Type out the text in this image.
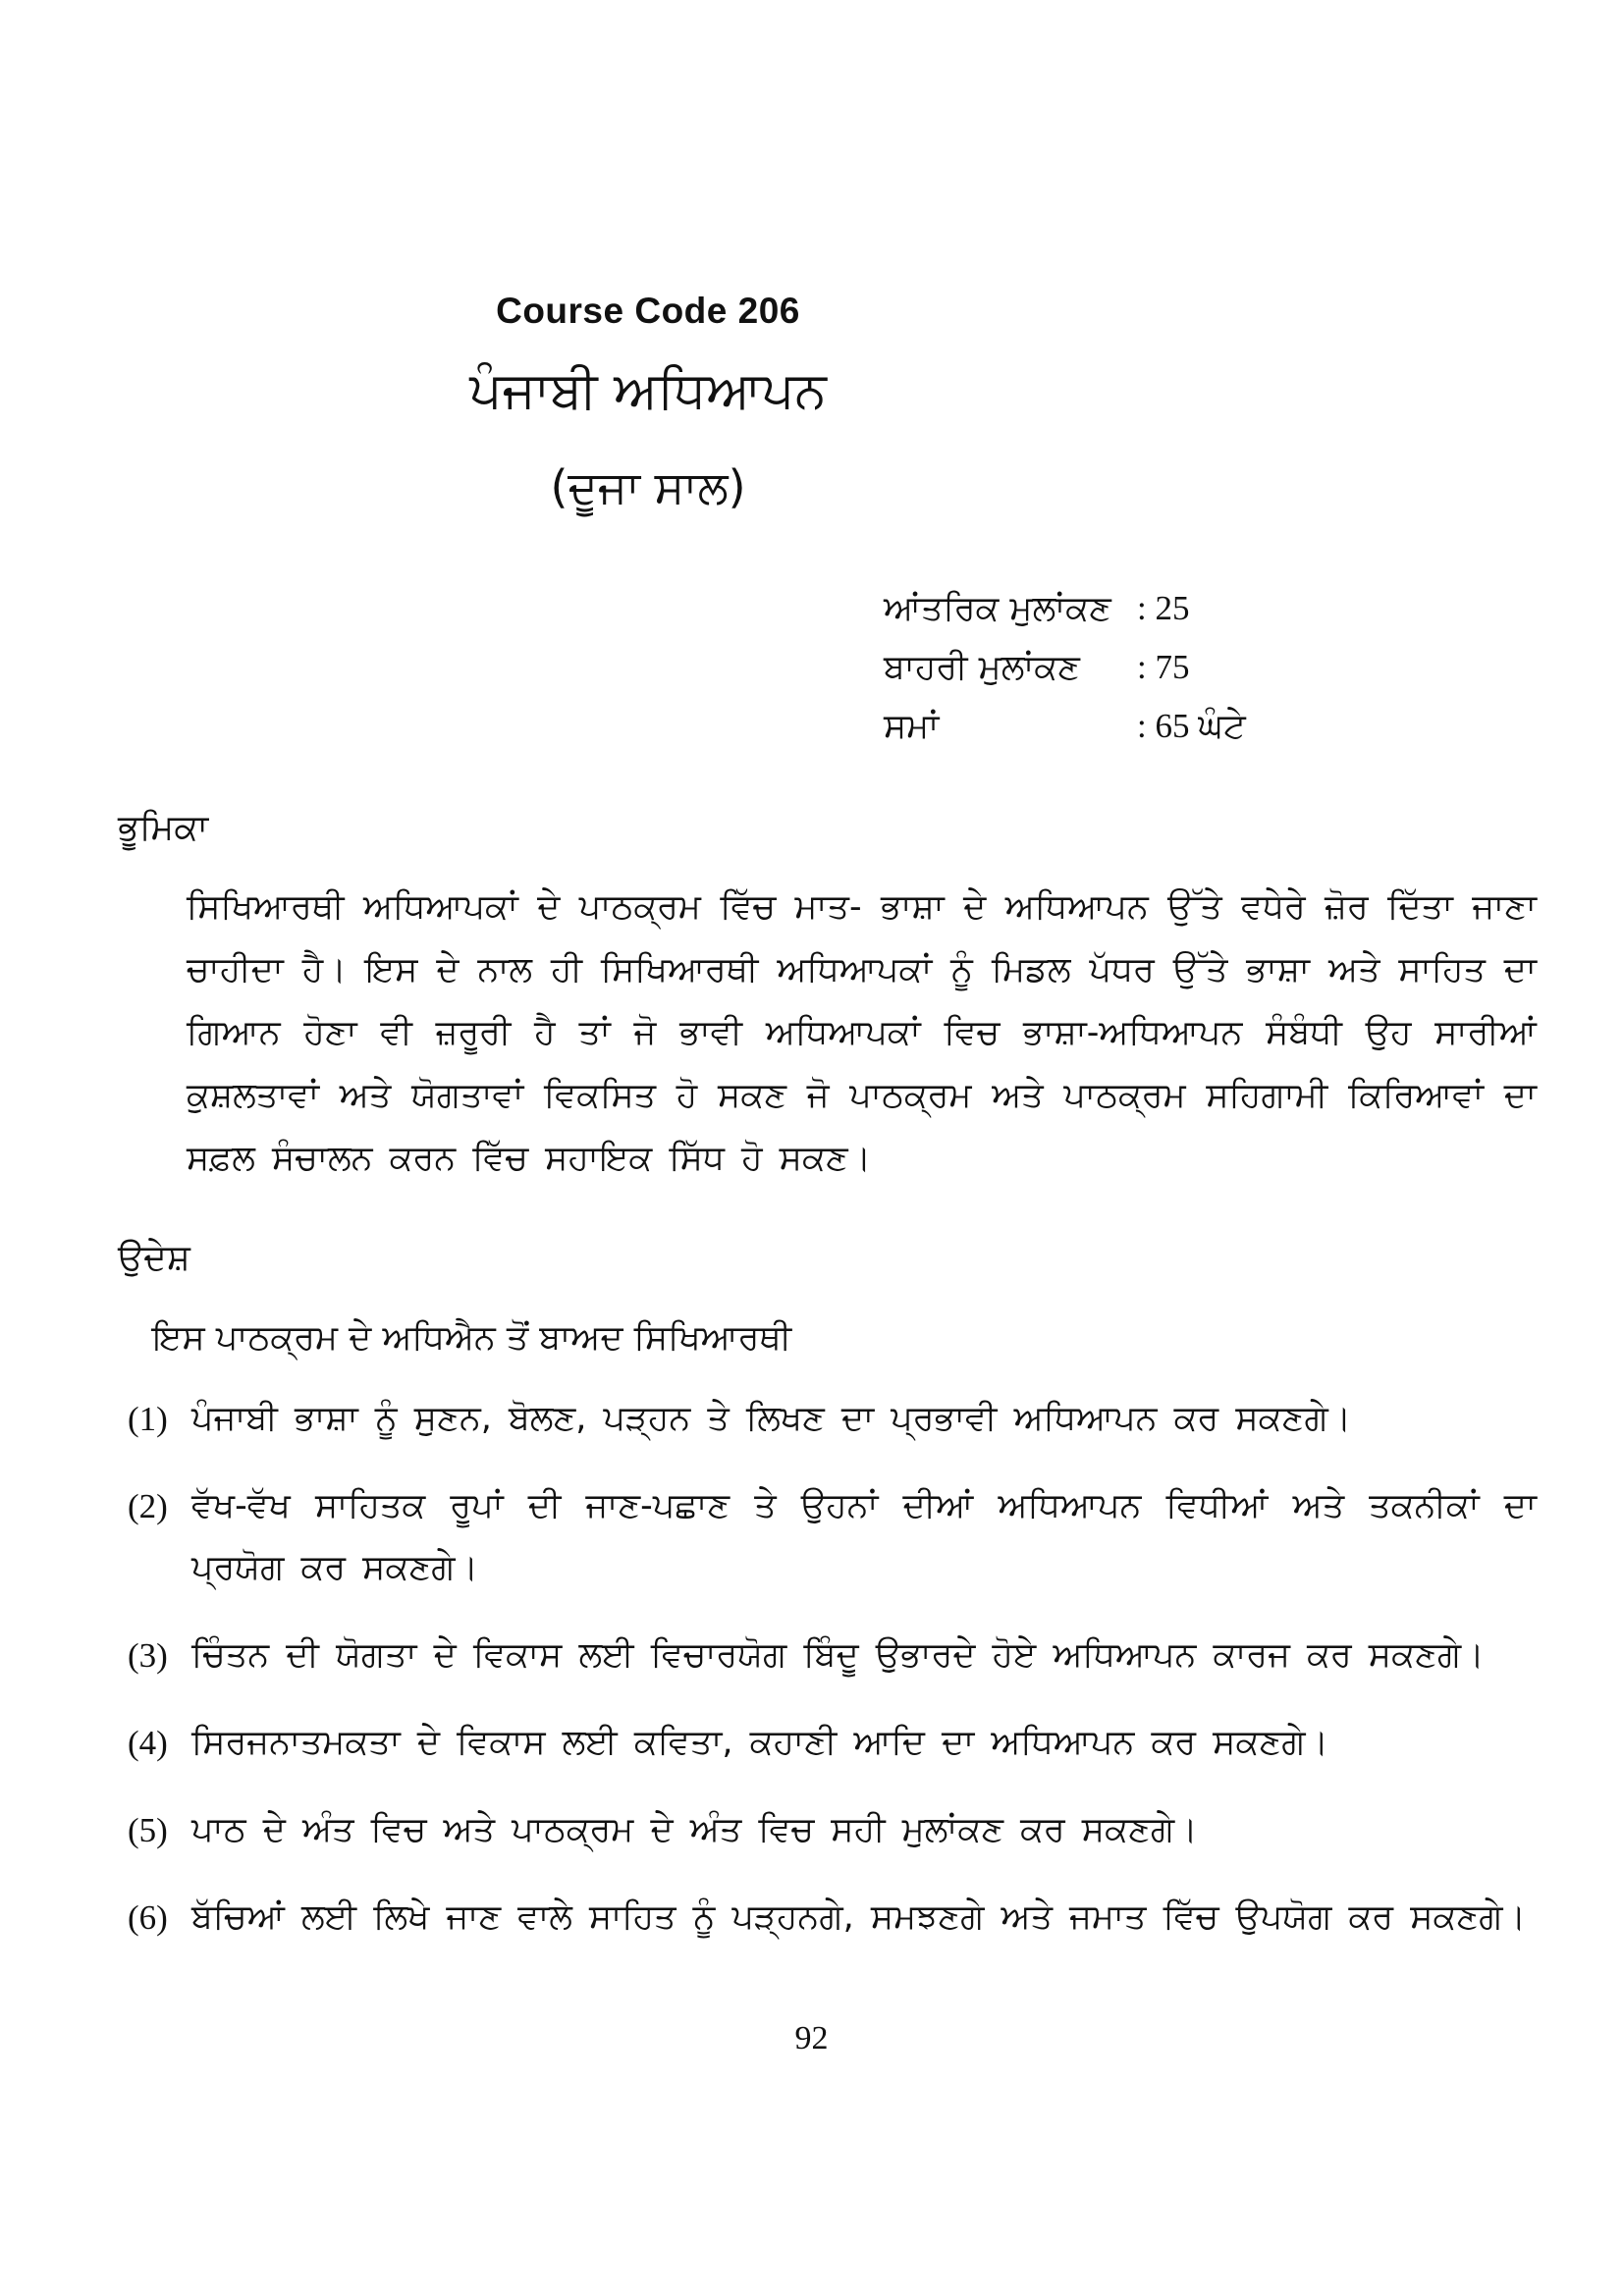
Course Code 206
ਪੰਜਾਬੀ ਅਧਿਆਪਨ
(ਦੂਜਾ ਸਾਲ)
ਆਂਤਰਿਕ ਮੁਲਾਂਕਣ : 25
ਬਾਹਰੀ ਮੁਲਾਂਕਣ : 75
ਸਮਾਂ	: 65 ਘੰਟੇ
ਭੂਮਿਕਾ

ਸਿਖਿਆਰਥੀ ਅਧਿਆਪਕਾਂ ਦੇ ਪਾਠਕ੍ਰਮ ਵਿੱਚ ਮਾਤ- ਭਾਸ਼ਾ ਦੇ ਅਧਿਆਪਨ ਉੱਤੇ ਵਧੇਰੇ ਜ਼ੋਰ ਦਿੱਤਾ ਜਾਣਾ ਚਾਹੀਦਾ ਹੈ। ਇਸ ਦੇ ਨਾਲ ਹੀ ਸਿਖਿਆਰਥੀ ਅਧਿਆਪਕਾਂ ਨੂੰ ਮਿਡਲ ਪੱਧਰ ਉੱਤੇ ਭਾਸ਼ਾ ਅਤੇ ਸਾਹਿਤ ਦਾ ਗਿਆਨ ਹੋਣਾ ਵੀ ਜ਼ਰੂਰੀ ਹੈ ਤਾਂ ਜੋ ਭਾਵੀ ਅਧਿਆਪਕਾਂ ਵਿਚ ਭਾਸ਼ਾ-ਅਧਿਆਪਨ ਸੰਬੰਧੀ ਉਹ ਸਾਰੀਆਂ ਕੁਸ਼ਲਤਾਵਾਂ ਅਤੇ ਯੋਗਤਾਵਾਂ ਵਿਕਸਿਤ ਹੋ ਸਕਣ ਜੋ ਪਾਠਕ੍ਰਮ ਅਤੇ ਪਾਠਕ੍ਰਮ ਸਹਿਗਾਮੀ ਕਿਰਿਆਵਾਂ ਦਾ ਸਫ਼ਲ ਸੰਚਾਲਨ ਕਰਨ ਵਿੱਚ ਸਹਾਇਕ ਸਿੱਧ ਹੋ ਸਕਣ।

ਉਦੇਸ਼
ਇਸ ਪਾਠਕ੍ਰਮ ਦੇ ਅਧਿਐਨ ਤੋਂ ਬਾਅਦ ਸਿਖਿਆਰਥੀ
(1) ਪੰਜਾਬੀ ਭਾਸ਼ਾ ਨੂੰ ਸੁਣਨ, ਬੋਲਣ, ਪੜ੍ਹਨ ਤੇ ਲਿਖਣ ਦਾ ਪ੍ਰਭਾਵੀ ਅਧਿਆਪਨ ਕਰ ਸਕਣਗੇ।
(2) ਵੱਖ-ਵੱਖ ਸਾਹਿਤਕ ਰੂਪਾਂ ਦੀ ਜਾਣ-ਪਛਾਣ ਤੇ ਉਹਨਾਂ ਦੀਆਂ ਅਧਿਆਪਨ ਵਿਧੀਆਂ ਅਤੇ ਤਕਨੀਕਾਂ ਦਾ ਪ੍ਰਯੋਗ ਕਰ ਸਕਣਗੇ।
(3) ਚਿੰਤਨ ਦੀ ਯੋਗਤਾ ਦੇ ਵਿਕਾਸ ਲਈ ਵਿਚਾਰਯੋਗ ਬਿੰਦੂ ਉਭਾਰਦੇ ਹੋਏ ਅਧਿਆਪਨ ਕਾਰਜ ਕਰ ਸਕਣਗੇ।
(4) ਸਿਰਜਨਾਤਮਕਤਾ ਦੇ ਵਿਕਾਸ ਲਈ ਕਵਿਤਾ, ਕਹਾਣੀ ਆਦਿ ਦਾ ਅਧਿਆਪਨ ਕਰ ਸਕਣਗੇ।
(5) ਪਾਠ ਦੇ ਅੰਤ ਵਿਚ ਅਤੇ ਪਾਠਕ੍ਰਮ ਦੇ ਅੰਤ ਵਿਚ ਸਹੀ ਮੁਲਾਂਕਣ ਕਰ ਸਕਣਗੇ।
(6) ਬੱਚਿਆਂ ਲਈ ਲਿਖੇ ਜਾਣ ਵਾਲੇ ਸਾਹਿਤ ਨੂੰ ਪੜ੍ਹਨਗੇ, ਸਮਝਣਗੇ ਅਤੇ ਜਮਾਤ ਵਿੱਚ ਉਪਯੋਗ ਕਰ ਸਕਣਗੇ।
92
